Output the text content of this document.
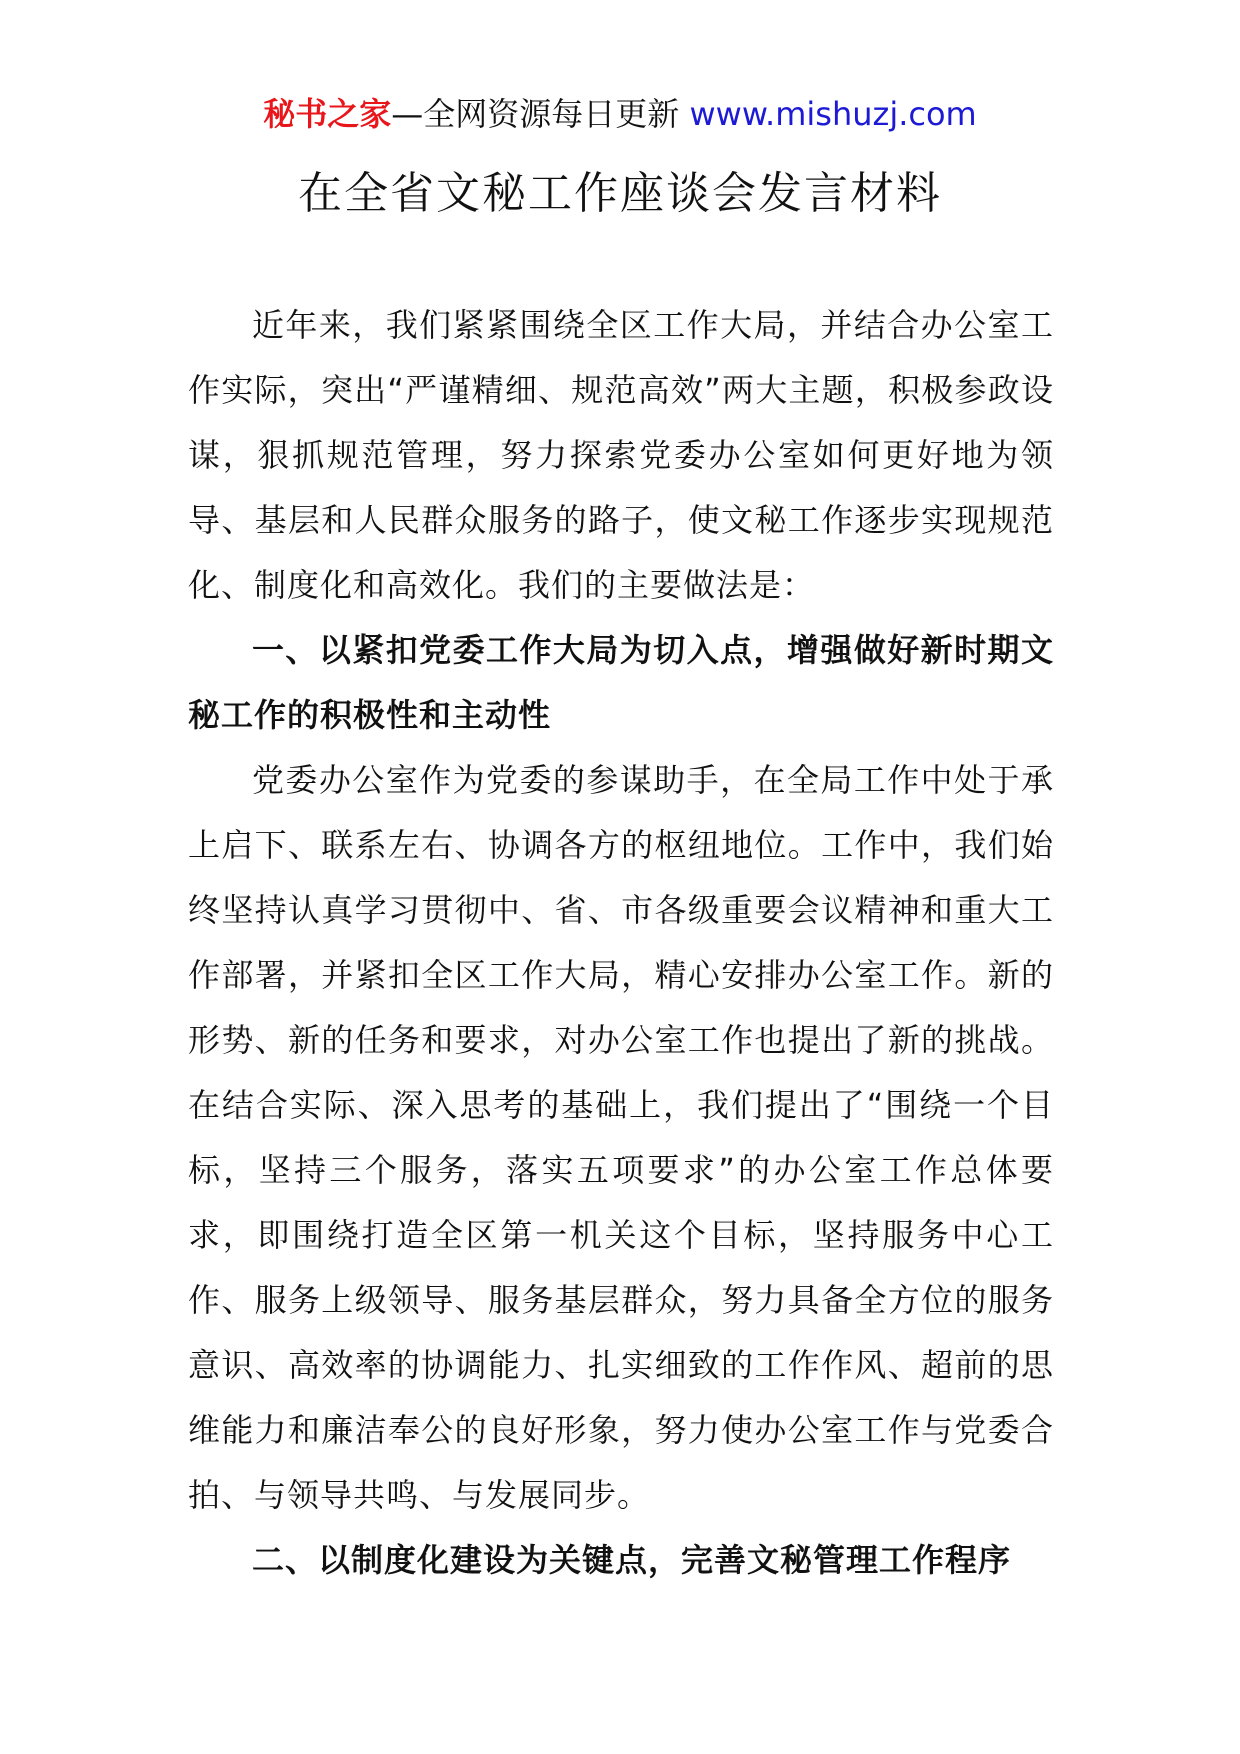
秘书之家—全网资源每日更新 www.mishuzj.com
在全省文秘工作座谈会发言材料

近年来，我们紧紧围绕全区工作大局，并结合办公室工作实际，突出“严谨精细、规范高效”两大主题，积极参政设谋，狠抓规范管理，努力探索党委办公室如何更好地为领导、基层和人民群众服务的路子，使文秘工作逐步实现规范化、制度化和高效化。我们的主要做法是：

一、以紧扣党委工作大局为切入点，增强做好新时期文秘工作的积极性和主动性

党委办公室作为党委的参谋助手，在全局工作中处于承上启下、联系左右、协调各方的枢纽地位。工作中，我们始终坚持认真学习贯彻中、省、市各级重要会议精神和重大工作部署，并紧扣全区工作大局，精心安排办公室工作。新的形势、新的任务和要求，对办公室工作也提出了新的挑战。在结合实际、深入思考的基础上，我们提出了“围绕一个目标，坚持三个服务，落实五项要求”的办公室工作总体要求，即围绕打造全区第一机关这个目标，坚持服务中心工作、服务上级领导、服务基层群众，努力具备全方位的服务意识、高效率的协调能力、扎实细致的工作作风、超前的思维能力和廉洁奉公的良好形象，努力使办公室工作与党委合拍、与领导共鸣、与发展同步。

二、以制度化建设为关键点，完善文秘管理工作程序
